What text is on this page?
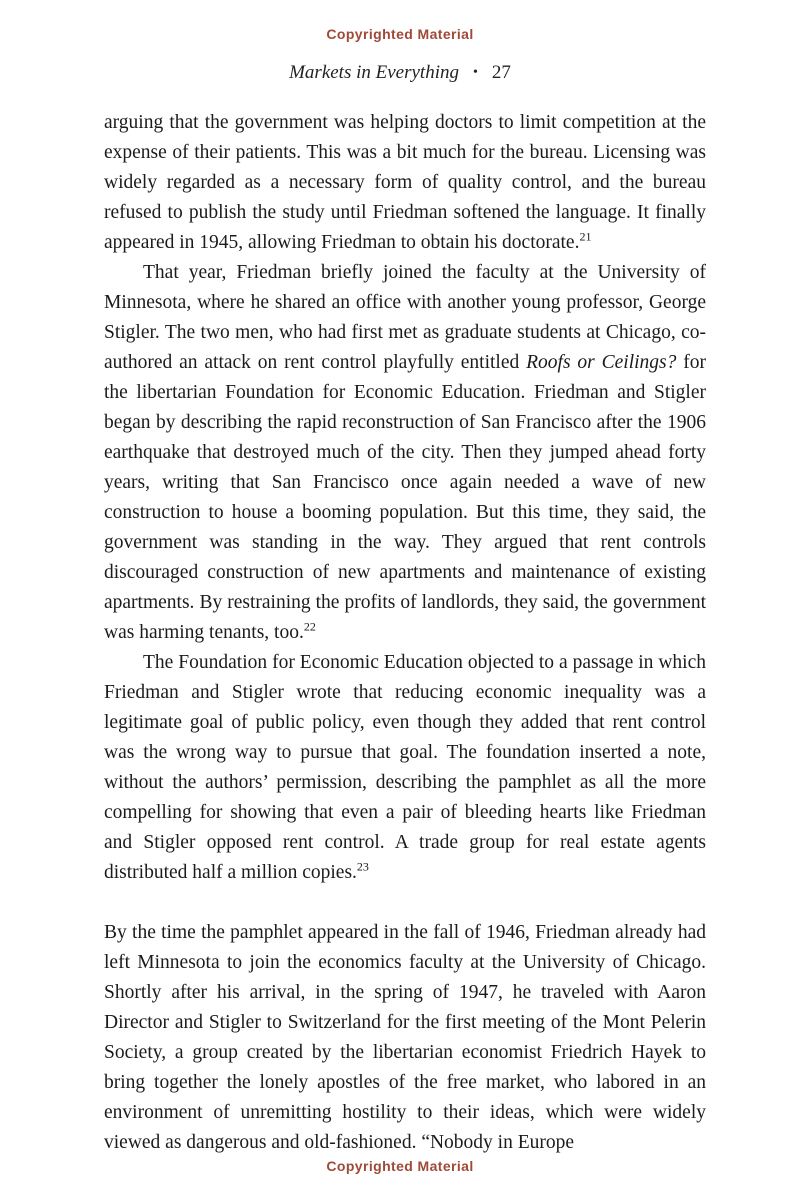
Copyrighted Material
Markets in Everything • 27

arguing that the government was helping doctors to limit competition at the expense of their patients. This was a bit much for the bureau. Licensing was widely regarded as a necessary form of quality control, and the bureau refused to publish the study until Friedman softened the language. It finally appeared in 1945, allowing Friedman to obtain his doctorate.$^{21}$

That year, Friedman briefly joined the faculty at the University of Minnesota, where he shared an office with another young professor, George Stigler. The two men, who had first met as graduate students at Chicago, co-authored an attack on rent control playfully entitled Roofs or Ceilings? for the libertarian Foundation for Economic Education. Friedman and Stigler began by describing the rapid reconstruction of San Francisco after the 1906 earthquake that destroyed much of the city. Then they jumped ahead forty years, writing that San Francisco once again needed a wave of new construction to house a booming population. But this time, they said, the government was standing in the way. They argued that rent controls discouraged construction of new apartments and maintenance of existing apartments. By restraining the profits of landlords, they said, the government was harming tenants, too.$^{22}$

The Foundation for Economic Education objected to a passage in which Friedman and Stigler wrote that reducing economic inequality was a legitimate goal of public policy, even though they added that rent control was the wrong way to pursue that goal. The foundation inserted a note, without the authors’ permission, describing the pamphlet as all the more compelling for showing that even a pair of bleeding hearts like Friedman and Stigler opposed rent control. A trade group for real estate agents distributed half a million copies.$^{23}$

By the time the pamphlet appeared in the fall of 1946, Friedman already had left Minnesota to join the economics faculty at the University of Chicago. Shortly after his arrival, in the spring of 1947, he traveled with Aaron Director and Stigler to Switzerland for the first meeting of the Mont Pelerin Society, a group created by the libertarian economist Friedrich Hayek to bring together the lonely apostles of the free market, who labored in an environment of unremitting hostility to their ideas, which were widely viewed as dangerous and old-fashioned. “Nobody in Europe

Copyrighted Material
